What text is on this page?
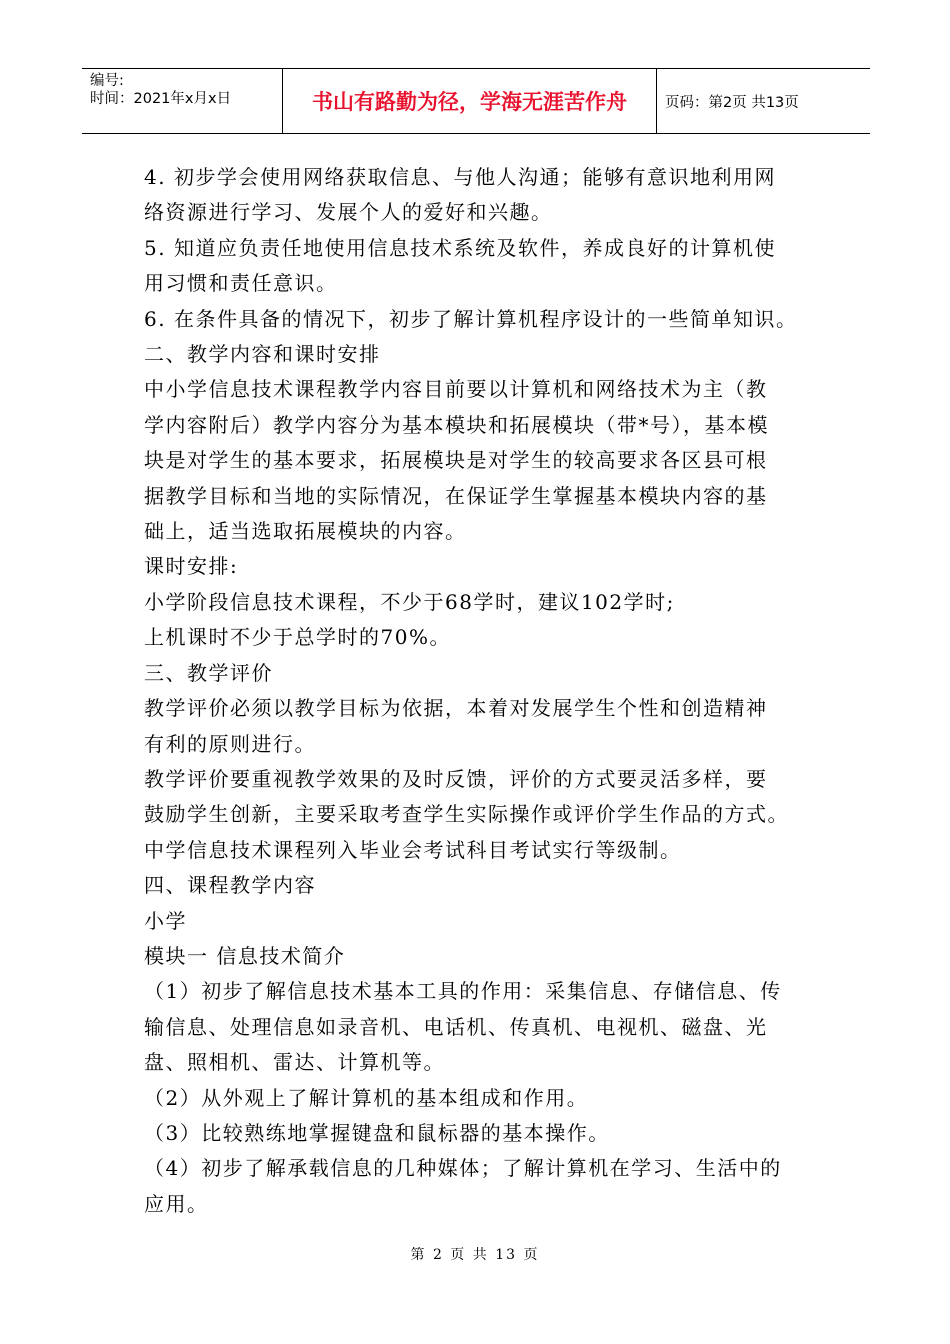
编号:
时间：2021年x月x日	书山有路勤为径，学海无涯苦作舟	页码：第2页 共13页

4. 初步学会使用网络获取信息、与他人沟通；能够有意识地利用网

络资源进行学习、发展个人的爱好和兴趣。

5. 知道应负责任地使用信息技术系统及软件，养成良好的计算机使

用习惯和责任意识。

6. 在条件具备的情况下，初步了解计算机程序设计的一些简单知识。

二、教学内容和课时安排

中小学信息技术课程教学内容目前要以计算机和网络技术为主（教

学内容附后）教学内容分为基本模块和拓展模块（带*号），基本模

块是对学生的基本要求，拓展模块是对学生的较高要求各区县可根

据教学目标和当地的实际情况，在保证学生掌握基本模块内容的基

础上，适当选取拓展模块的内容。

课时安排:

小学阶段信息技术课程，不少于68学时，建议102学时;

上机课时不少于总学时的70%。

三、教学评价

教学评价必须以教学目标为依据，本着对发展学生个性和创造精神

有利的原则进行。

教学评价要重视教学效果的及时反馈，评价的方式要灵活多样，要

鼓励学生创新，主要采取考查学生实际操作或评价学生作品的方式。

中学信息技术课程列入毕业会考试科目考试实行等级制。

四、课程教学内容

小学

模块一 信息技术简介

（1）初步了解信息技术基本工具的作用：采集信息、存储信息、传

输信息、处理信息如录音机、电话机、传真机、电视机、磁盘、光

盘、照相机、雷达、计算机等。

（2）从外观上了解计算机的基本组成和作用。

（3）比较熟练地掌握键盘和鼠标器的基本操作。

（4）初步了解承载信息的几种媒体；了解计算机在学习、生活中的

应用。

第 2 页 共 13 页
